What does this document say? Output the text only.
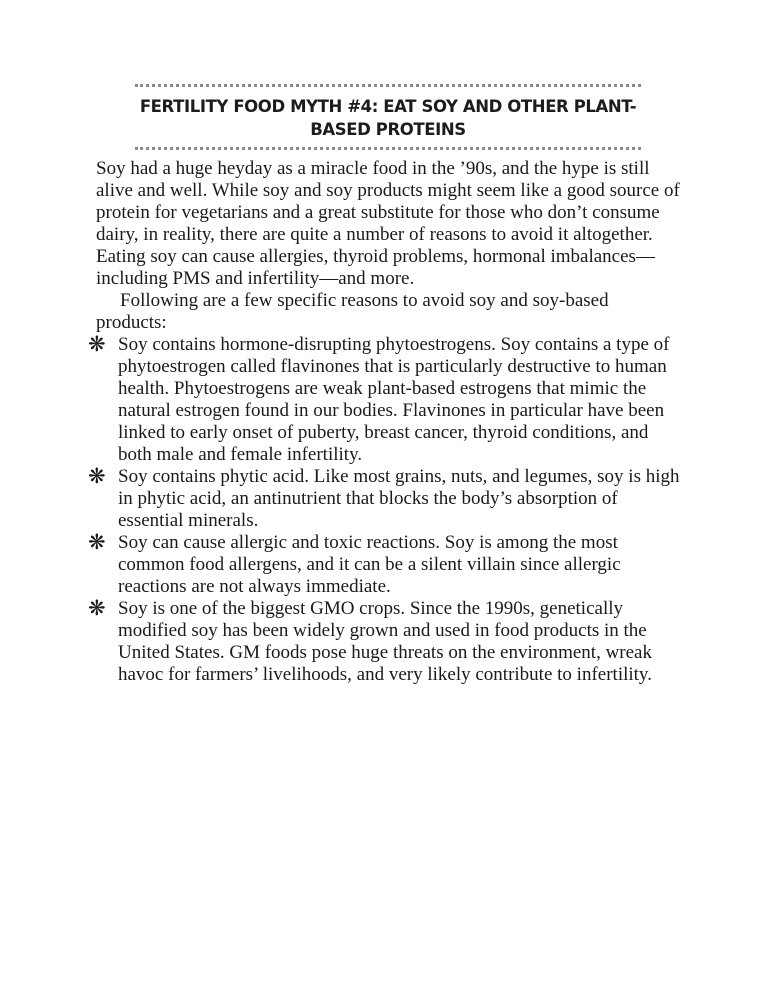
FERTILITY FOOD MYTH #4: EAT SOY AND OTHER PLANT-BASED PROTEINS

Soy had a huge heyday as a miracle food in the ’90s, and the hype is still alive and well. While soy and soy products might seem like a good source of protein for vegetarians and a great substitute for those who don’t consume dairy, in reality, there are quite a number of reasons to avoid it altogether. Eating soy can cause allergies, thyroid problems, hormonal imbalances—including PMS and infertility—and more.

Following are a few specific reasons to avoid soy and soy-based products:

❋ Soy contains hormone-disrupting phytoestrogens. Soy contains a type of phytoestrogen called flavinones that is particularly destructive to human health. Phytoestrogens are weak plant-based estrogens that mimic the natural estrogen found in our bodies. Flavinones in particular have been linked to early onset of puberty, breast cancer, thyroid conditions, and both male and female infertility.
❋ Soy contains phytic acid. Like most grains, nuts, and legumes, soy is high in phytic acid, an antinutrient that blocks the body’s absorption of essential minerals.
❋ Soy can cause allergic and toxic reactions. Soy is among the most common food allergens, and it can be a silent villain since allergic reactions are not always immediate.
❋ Soy is one of the biggest GMO crops. Since the 1990s, genetically modified soy has been widely grown and used in food products in the United States. GM foods pose huge threats on the environment, wreak havoc for farmers’ livelihoods, and very likely contribute to infertility.
